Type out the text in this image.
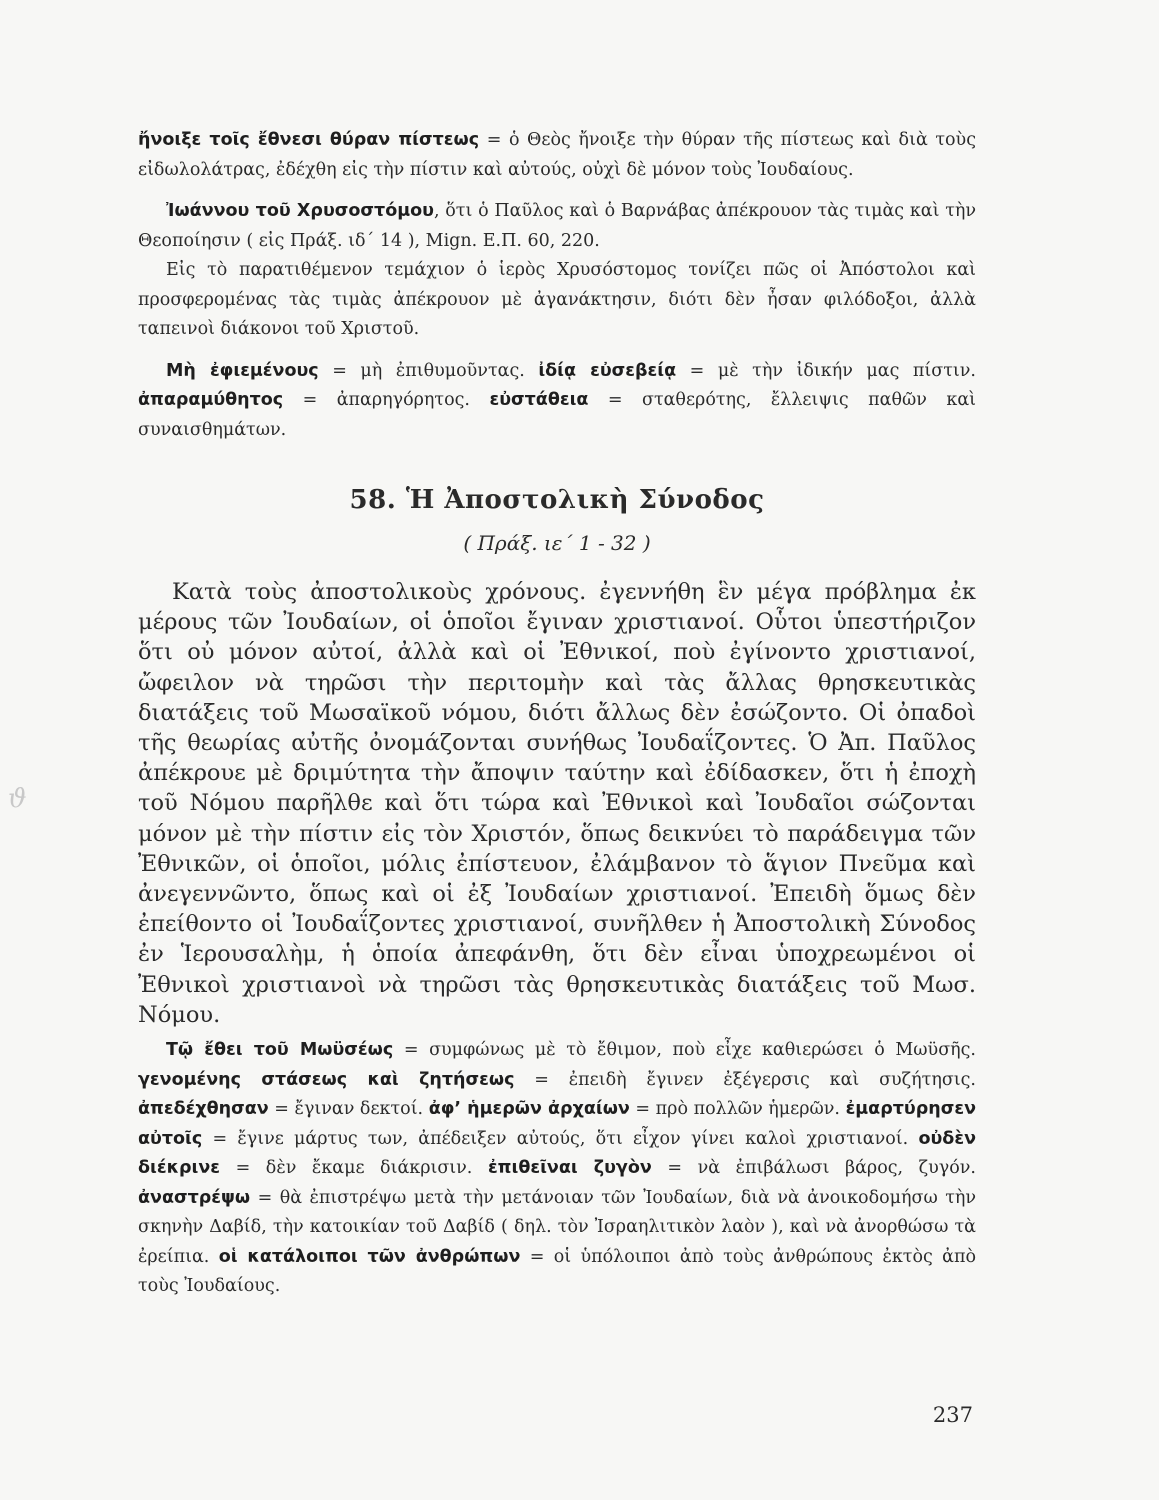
ϑ

ἤνοιξε τοῖς ἔθνεσι θύραν πίστεως = ὁ Θεὸς ἤνοιξε τὴν θύραν τῆς πίστεως καὶ διὰ τοὺς εἰδωλολάτρας, ἐδέχθη εἰς τὴν πίστιν καὶ αὐτούς, οὐχὶ δὲ μόνον τοὺς Ἰουδαίους.

Ἰωάννου τοῦ Χρυσοστόμου, ὅτι ὁ Παῦλος καὶ ὁ Βαρνάβας ἀπέκρουον τὰς τιμὰς καὶ τὴν Θεοποίησιν ( εἰς Πράξ. ιδ΄ 14 ), Mign. Ε.Π. 60, 220.

Εἰς τὸ παρατιθέμενον τεμάχιον ὁ ἱερὸς Χρυσόστομος τονίζει πῶς οἱ Ἀπόστολοι καὶ προσφερομένας τὰς τιμὰς ἀπέκρουον μὲ ἀγανάκτησιν, διότι δὲν ἦσαν φιλόδοξοι, ἀλλὰ ταπεινοὶ διάκονοι τοῦ Χριστοῦ.

Μὴ ἐφιεμένους = μὴ ἐπιθυμοῦντας. ἰδίᾳ εὐσεβείᾳ = μὲ τὴν ἰδικήν μας πίστιν. ἀπαραμύθητος = ἀπαρηγόρητος. εὐστάθεια = σταθερότης, ἔλλειψις παθῶν καὶ συναισθημάτων.

58. Ἡ Ἀποστολικὴ Σύνοδος
( Πράξ. ιε΄ 1 - 32 )

Κατὰ τοὺς ἀποστολικοὺς χρόνους. ἐγεννήθη ἓν μέγα πρόβλημα ἐκ μέρους τῶν Ἰουδαίων, οἱ ὁποῖοι ἔγιναν χριστιανοί. Οὗτοι ὑπεστήριζον ὅτι οὐ μόνον αὐτοί, ἀλλὰ καὶ οἱ Ἐθνικοί, ποὺ ἐγίνοντο χριστιανοί, ὤφειλον νὰ τηρῶσι τὴν περιτομὴν καὶ τὰς ἄλλας θρησκευτικὰς διατάξεις τοῦ Μωσαϊκοῦ νόμου, διότι ἄλλως δὲν ἐσώζοντο. Οἱ ὀπαδοὶ τῆς θεωρίας αὐτῆς ὀνομάζονται συνήθως Ἰουδαΐζοντες. Ὁ Ἀπ. Παῦλος ἀπέκρουε μὲ δριμύτητα τὴν ἄποψιν ταύτην καὶ ἐδίδασκεν, ὅτι ἡ ἐποχὴ τοῦ Νόμου παρῆλθε καὶ ὅτι τώρα καὶ Ἐθνικοὶ καὶ Ἰουδαῖοι σώζονται μόνον μὲ τὴν πίστιν εἰς τὸν Χριστόν, ὅπως δεικνύει τὸ παράδειγμα τῶν Ἐθνικῶν, οἱ ὁποῖοι, μόλις ἐπίστευον, ἐλάμβανον τὸ ἅγιον Πνεῦμα καὶ ἀνεγεννῶντο, ὅπως καὶ οἱ ἐξ Ἰουδαίων χριστιανοί. Ἐπειδὴ ὅμως δὲν ἐπείθοντο οἱ Ἰουδαΐζοντες χριστιανοί, συνῆλθεν ἡ Ἀποστολικὴ Σύνοδος ἐν Ἱερουσαλὴμ, ἡ ὁποία ἀπεφάνθη, ὅτι δὲν εἶναι ὑποχρεωμένοι οἱ Ἐθνικοὶ χριστιανοὶ νὰ τηρῶσι τὰς θρησκευτικὰς διατάξεις τοῦ Μωσ. Νόμου.

Τῷ ἔθει τοῦ Μωϋσέως = συμφώνως μὲ τὸ ἔθιμον, ποὺ εἶχε καθιερώσει ὁ Μωϋσῆς. γενομένης στάσεως καὶ ζητήσεως = ἐπειδὴ ἔγινεν ἐξέγερσις καὶ συζήτησις. ἀπεδέχθησαν = ἔγιναν δεκτοί. ἀφ’ ἡμερῶν ἀρχαίων = πρὸ πολλῶν ἡμερῶν. ἐμαρτύρησεν αὐτοῖς = ἔγινε μάρτυς των, ἀπέδειξεν αὐτούς, ὅτι εἶχον γίνει καλοὶ χριστιανοί. οὐδὲν διέκρινε = δὲν ἔκαμε διάκρισιν. ἐπιθεῖναι ζυγὸν = νὰ ἐπιβάλωσι βάρος, ζυγόν. ἀναστρέψω = θὰ ἐπιστρέψω μετὰ τὴν μετάνοιαν τῶν Ἰουδαίων, διὰ νὰ ἀνοικοδομήσω τὴν σκηνὴν Δαβίδ, τὴν κατοικίαν τοῦ Δαβίδ ( δηλ. τὸν Ἰσραηλιτικὸν λαὸν ), καὶ νὰ ἀνορθώσω τὰ ἐρείπια. οἱ κατάλοιποι τῶν ἀνθρώπων = οἱ ὑπόλοιποι ἀπὸ τοὺς ἀνθρώπους ἐκτὸς ἀπὸ τοὺς Ἰουδαίους.

237
